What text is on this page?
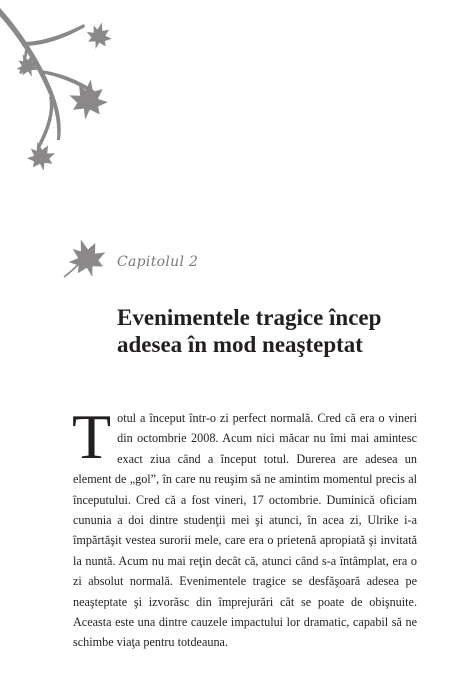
Capitolul 2
Evenimentele tragice încep adesea în mod neaşteptat

Totul a început într-o zi perfect normală. Cred că era o vineri din octombrie 2008. Acum nici măcar nu îmi mai amintesc exact ziua când a început totul. Durerea are adesea un element de „gol”, în care nu reuşim să ne amintim momentul precis al începutului. Cred că a fost vineri, 17 octombrie. Duminică oficiam cununia a doi dintre studenţii mei şi atunci, în acea zi, Ulrike i-a împărtăşit vestea surorii mele, care era o prietenă apropiată şi invitată la nuntă. Acum nu mai reţin decât că, atunci când s-a întâmplat, era o zi absolut normală. Evenimentele tragice se desfăşoară adesea pe neaşteptate şi izvorăsc din împrejurări cât se poate de obişnuite. Aceasta este una dintre cauzele impactului lor dramatic, capabil să ne schimbe viaţa pentru totdeauna.
